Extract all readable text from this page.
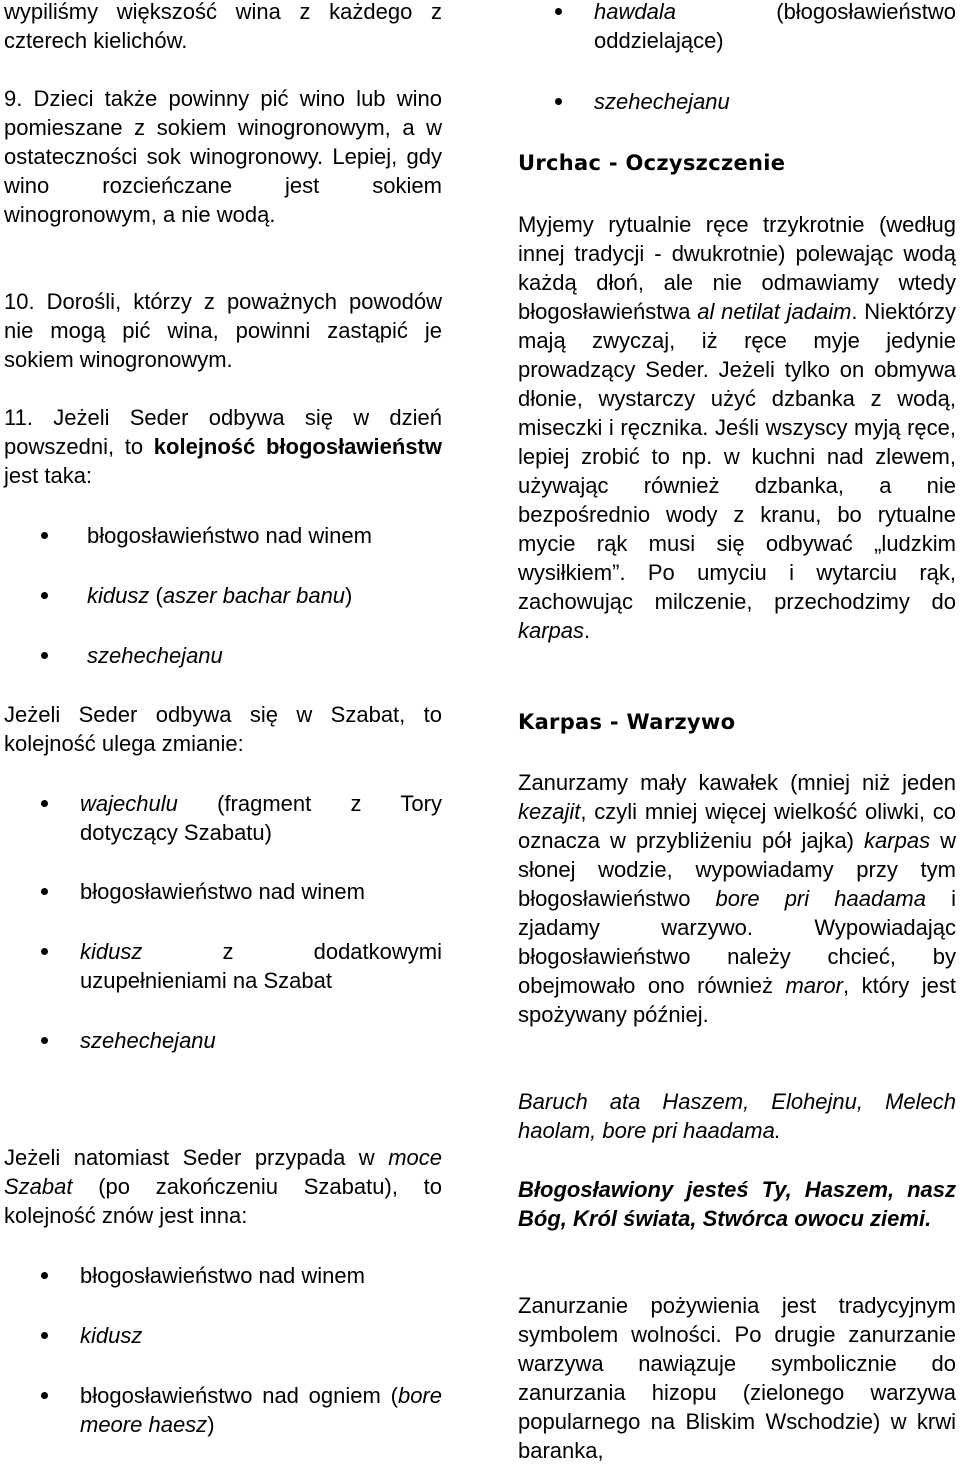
wypiliśmy większość wina z każdego z czterech kielichów.

9. Dzieci także powinny pić wino lub wino pomieszane z sokiem winogronowym, a w ostateczności sok winogronowy. Lepiej, gdy wino rozcieńczane jest sokiem winogronowym, a nie wodą.

10. Dorośli, którzy z poważnych powodów nie mogą pić wina, powinni zastąpić je sokiem winogronowym.

11. Jeżeli Seder odbywa się w dzień powszedni, to kolejność błogosławieństw jest taka:

błogosławieństwo nad winem

kidusz (aszer bachar banu)

szehechejanu

Jeżeli Seder odbywa się w Szabat, to kolejność ulega zmianie:

wajechulu (fragment z Tory dotyczący Szabatu)

błogosławieństwo nad winem

kidusz z dodatkowymi uzupełnieniami na Szabat

szehechejanu

Jeżeli natomiast Seder przypada w moce Szabat (po zakończeniu Szabatu), to kolejność znów jest inna:

błogosławieństwo nad winem

kidusz

błogosławieństwo nad ogniem (bore meore haesz)

hawdala (błogosławieństwo oddzielające)

szehechejanu

Urchac - Oczyszczenie

Myjemy rytualnie ręce trzykrotnie (według innej tradycji - dwukrotnie) polewając wodą każdą dłoń, ale nie odmawiamy wtedy błogosławieństwa al netilat jadaim. Niektórzy mają zwyczaj, iż ręce myje jedynie prowadzący Seder. Jeżeli tylko on obmywa dłonie, wystarczy użyć dzbanka z wodą, miseczki i ręcznika. Jeśli wszyscy myją ręce, lepiej zrobić to np. w kuchni nad zlewem, używając również dzbanka, a nie bezpośrednio wody z kranu, bo rytualne mycie rąk musi się odbywać „ludzkim wysiłkiem”. Po umyciu i wytarciu rąk, zachowując milczenie, przechodzimy do karpas.

Karpas - Warzywo

Zanurzamy mały kawałek (mniej niż jeden kezajit, czyli mniej więcej wielkość oliwki, co oznacza w przybliżeniu pół jajka) karpas w słonej wodzie, wypowiadamy przy tym błogosławieństwo bore pri haadama i zjadamy warzywo. Wypowiadając błogosławieństwo należy chcieć, by obejmowało ono również maror, który jest spożywany później.

Baruch ata Haszem, Elohejnu, Melech haolam, bore pri haadama.

Błogosławiony jesteś Ty, Haszem, nasz Bóg, Król świata, Stwórca owocu ziemi.

Zanurzanie pożywienia jest tradycyjnym symbolem wolności. Po drugie zanurzanie warzywa nawiązuje symbolicznie do zanurzania hizopu (zielonego warzywa popularnego na Bliskim Wschodzie) w krwi baranka,
